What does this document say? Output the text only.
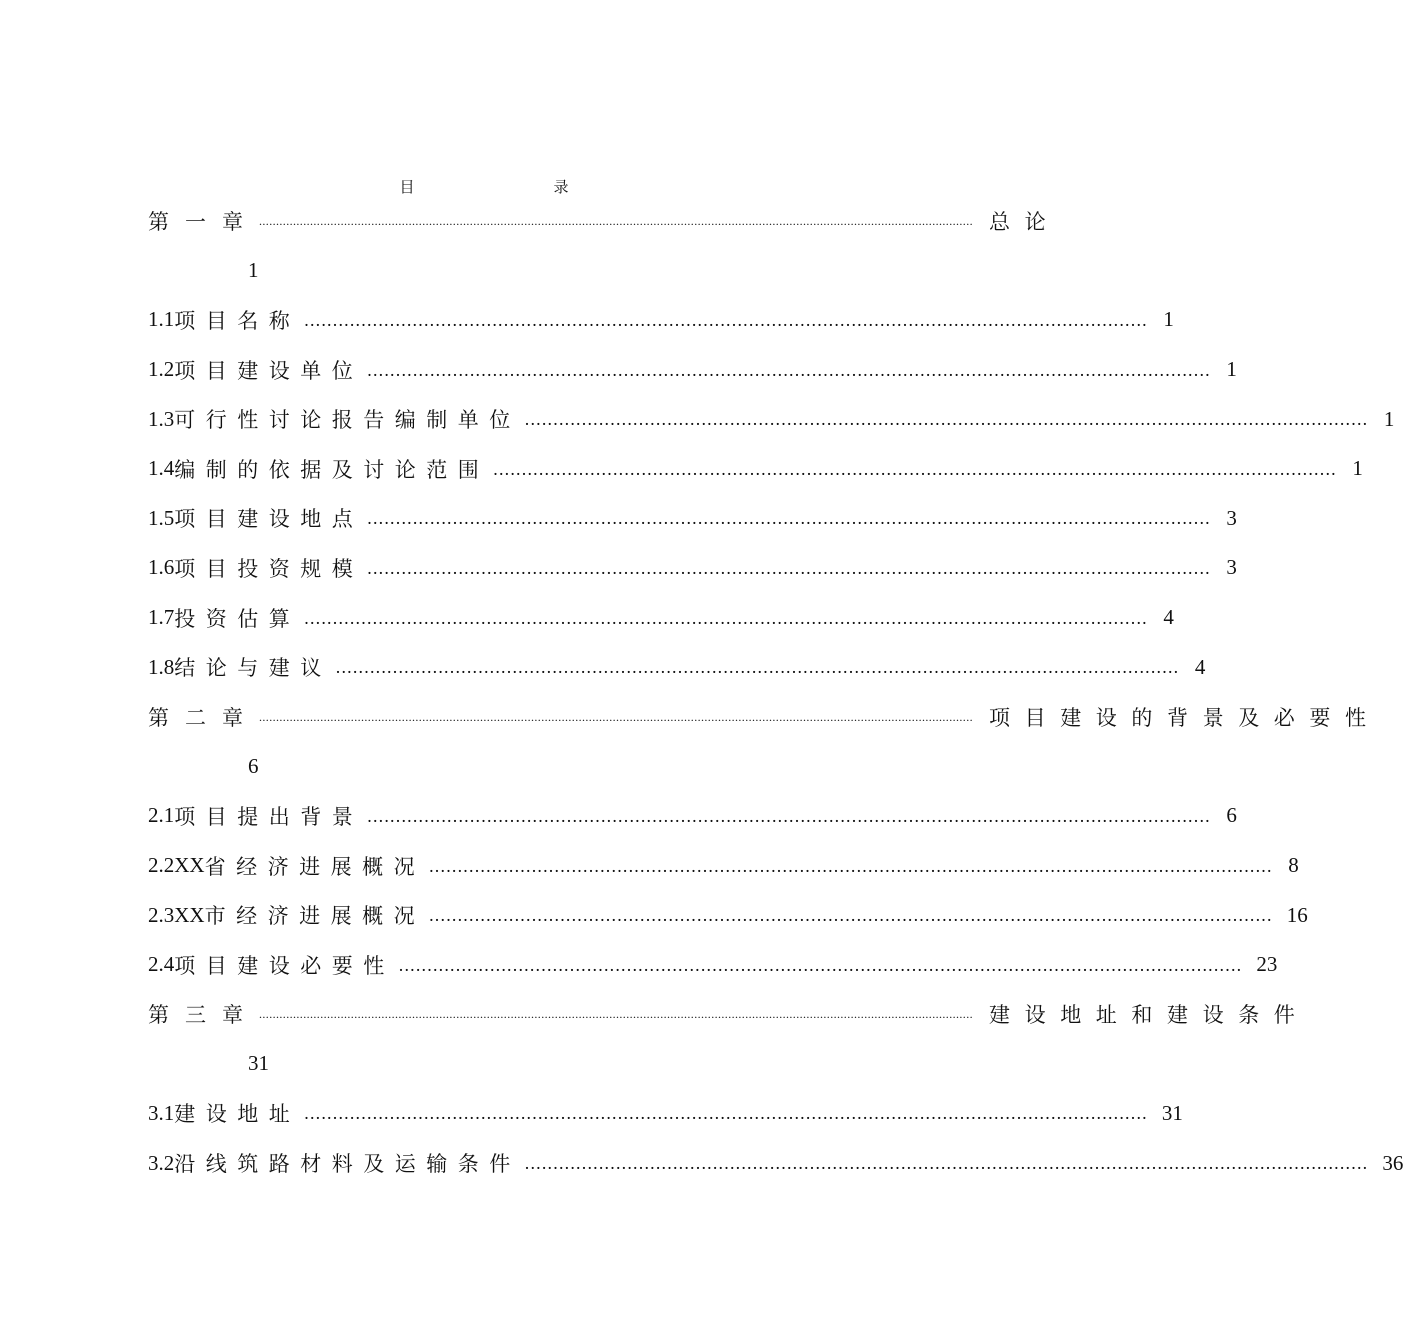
目　录
第一章 .................................................................................................................................................................................................................. 总论
1
1.1 项目名称 .................................................................................................................................................... 1
1.2 项目建设单位 .................................................................................................................................................... 1
1.3 可行性讨论报告编制单位 .................................................................................................................................................... 1
1.4 编制的依据及讨论范围 .................................................................................................................................................... 1
1.5 项目建设地点 .................................................................................................................................................... 3
1.6 项目投资规模 .................................................................................................................................................... 3
1.7 投资估算 .................................................................................................................................................... 4
1.8 结论与建议 .................................................................................................................................................... 4
第二章 .................................................................................................................................................................................................................. 项目建设的背景及必要性
6
2.1 项目提出背景 .................................................................................................................................................... 6
2.2XX 省经济进展概况 .................................................................................................................................................... 8
2.3XX 市经济进展概况 .................................................................................................................................................... 16
2.4 项目建设必要性 .................................................................................................................................................... 23
第三章 .................................................................................................................................................................................................................. 建设地址和建设条件
31
3.1 建设地址 .................................................................................................................................................... 31
3.2 沿线筑路材料及运输条件 .................................................................................................................................................... 36
